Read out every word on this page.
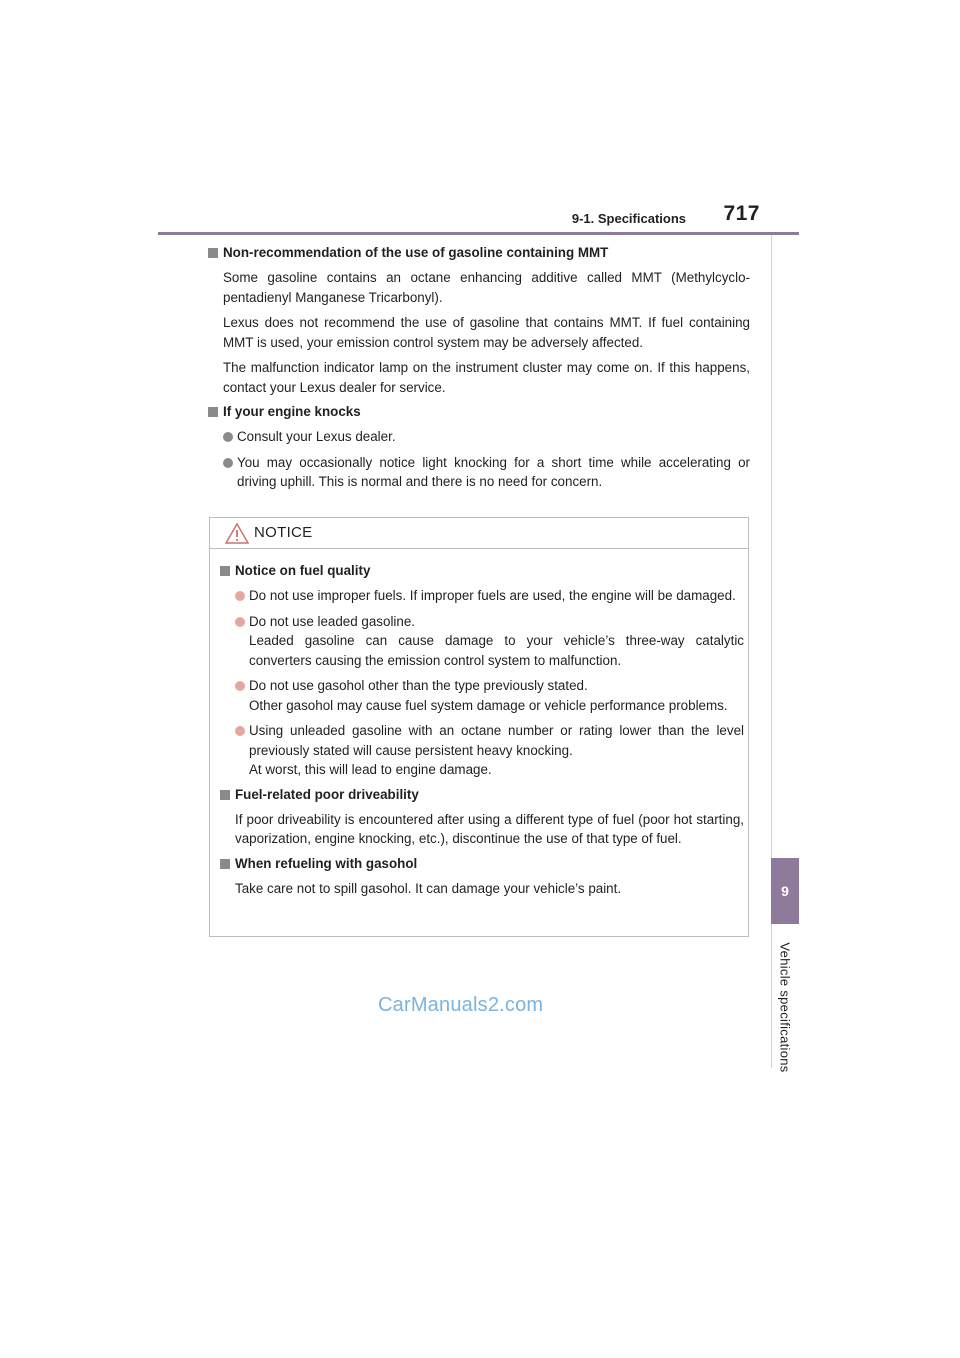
9-1. Specifications	717
9
Vehicle specifications
Non-recommendation of the use of gasoline containing MMT

Some gasoline contains an octane enhancing additive called MMT (Methylcyclo-pentadienyl Manganese Tricarbonyl).

Lexus does not recommend the use of gasoline that contains MMT. If fuel containing MMT is used, your emission control system may be adversely affected.

The malfunction indicator lamp on the instrument cluster may come on. If this happens, contact your Lexus dealer for service.

If your engine knocks
Consult your Lexus dealer.
You may occasionally notice light knocking for a short time while accelerating or driving uphill. This is normal and there is no need for concern.
NOTICE
Notice on fuel quality
Do not use improper fuels. If improper fuels are used, the engine will be damaged.
Do not use leaded gasoline.
Leaded gasoline can cause damage to your vehicle’s three-way catalytic converters causing the emission control system to malfunction.
Do not use gasohol other than the type previously stated.
Other gasohol may cause fuel system damage or vehicle performance problems.
Using unleaded gasoline with an octane number or rating lower than the level previously stated will cause persistent heavy knocking.
At worst, this will lead to engine damage.
Fuel-related poor driveability

If poor driveability is encountered after using a different type of fuel (poor hot starting, vaporization, engine knocking, etc.), discontinue the use of that type of fuel.

When refueling with gasohol

Take care not to spill gasohol. It can damage your vehicle’s paint.

CarManuals2.com
